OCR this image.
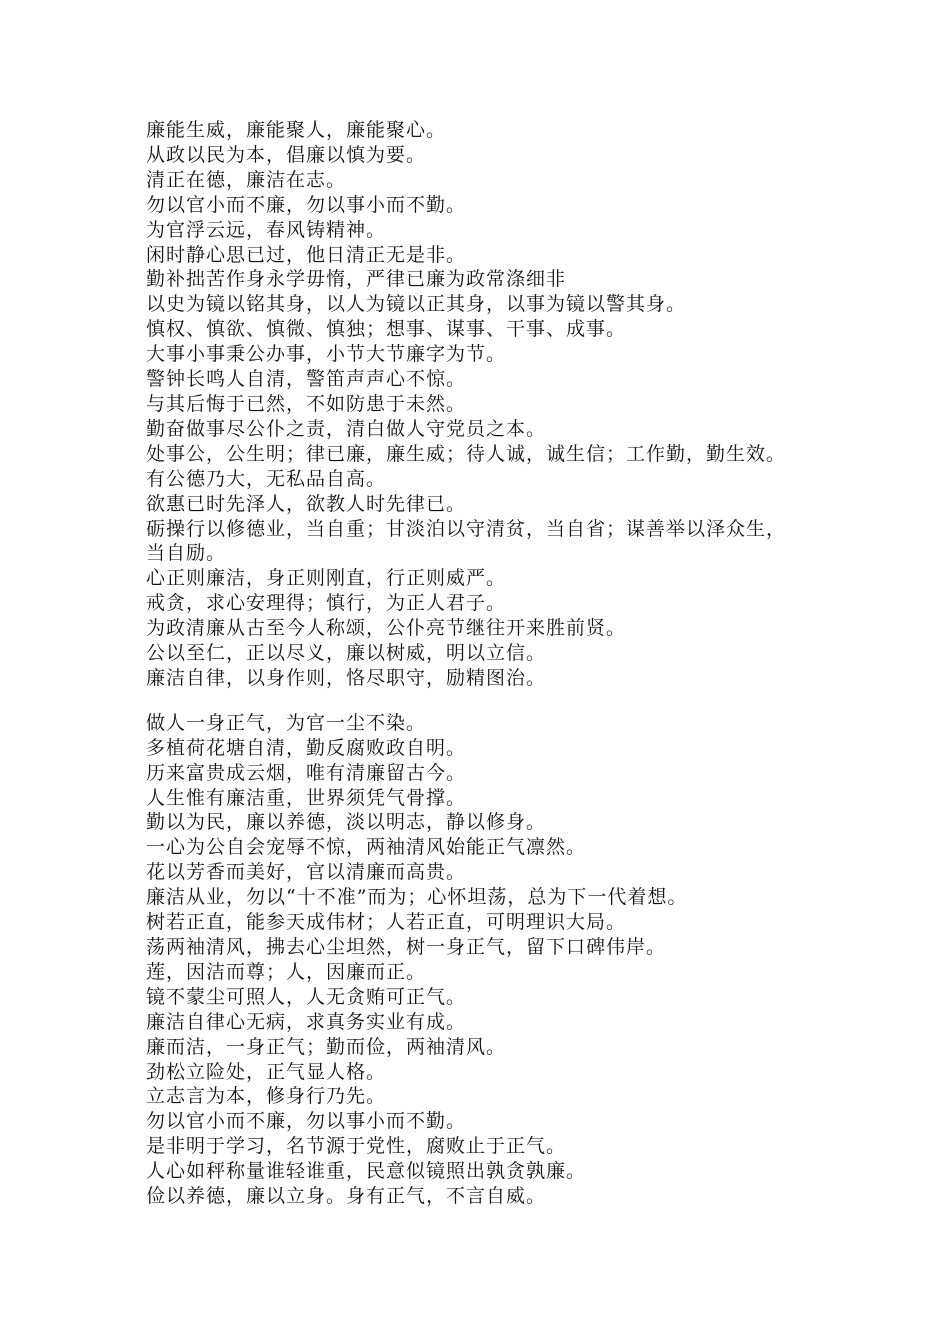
廉能生威，廉能聚人，廉能聚心。

从政以民为本，倡廉以慎为要。

清正在德，廉洁在志。

勿以官小而不廉，勿以事小而不勤。

为官浮云远，春风铸精神。

闲时静心思已过，他日清正无是非。

勤补拙苦作身永学毋惰，严律已廉为政常涤细非

以史为镜以铭其身，以人为镜以正其身，以事为镜以警其身。

慎权、慎欲、慎微、慎独；想事、谋事、干事、成事。

大事小事秉公办事，小节大节廉字为节。

警钟长鸣人自清，警笛声声心不惊。

与其后悔于已然，不如防患于未然。

勤奋做事尽公仆之责，清白做人守党员之本。

处事公，公生明；律已廉，廉生威；待人诚，诚生信；工作勤，勤生效。

有公德乃大，无私品自高。

欲惠已时先泽人，欲教人时先律已。

砺操行以修德业，当自重；甘淡泊以守清贫，当自省；谋善举以泽众生，

当自励。

心正则廉洁，身正则刚直，行正则威严。

戒贪，求心安理得；慎行，为正人君子。

为政清廉从古至今人称颂，公仆亮节继往开来胜前贤。

公以至仁，正以尽义，廉以树威，明以立信。

廉洁自律，以身作则，恪尽职守，励精图治。

做人一身正气，为官一尘不染。

多植荷花塘自清，勤反腐败政自明。

历来富贵成云烟，唯有清廉留古今。

人生惟有廉洁重，世界须凭气骨撑。

勤以为民，廉以养德，淡以明志，静以修身。

一心为公自会宠辱不惊，两袖清风始能正气凛然。

花以芳香而美好，官以清廉而高贵。

廉洁从业，勿以“十不准”而为；心怀坦荡，总为下一代着想。

树若正直，能参天成伟材；人若正直，可明理识大局。

荡两袖清风，拂去心尘坦然，树一身正气，留下口碑伟岸。

莲，因洁而尊；人，因廉而正。

镜不蒙尘可照人，人无贪贿可正气。

廉洁自律心无病，求真务实业有成。

廉而洁，一身正气；勤而俭，两袖清风。

劲松立险处，正气显人格。

立志言为本，修身行乃先。

勿以官小而不廉，勿以事小而不勤。

是非明于学习，名节源于党性，腐败止于正气。

人心如秤称量谁轻谁重，民意似镜照出孰贪孰廉。

俭以养德，廉以立身。身有正气，不言自威。
